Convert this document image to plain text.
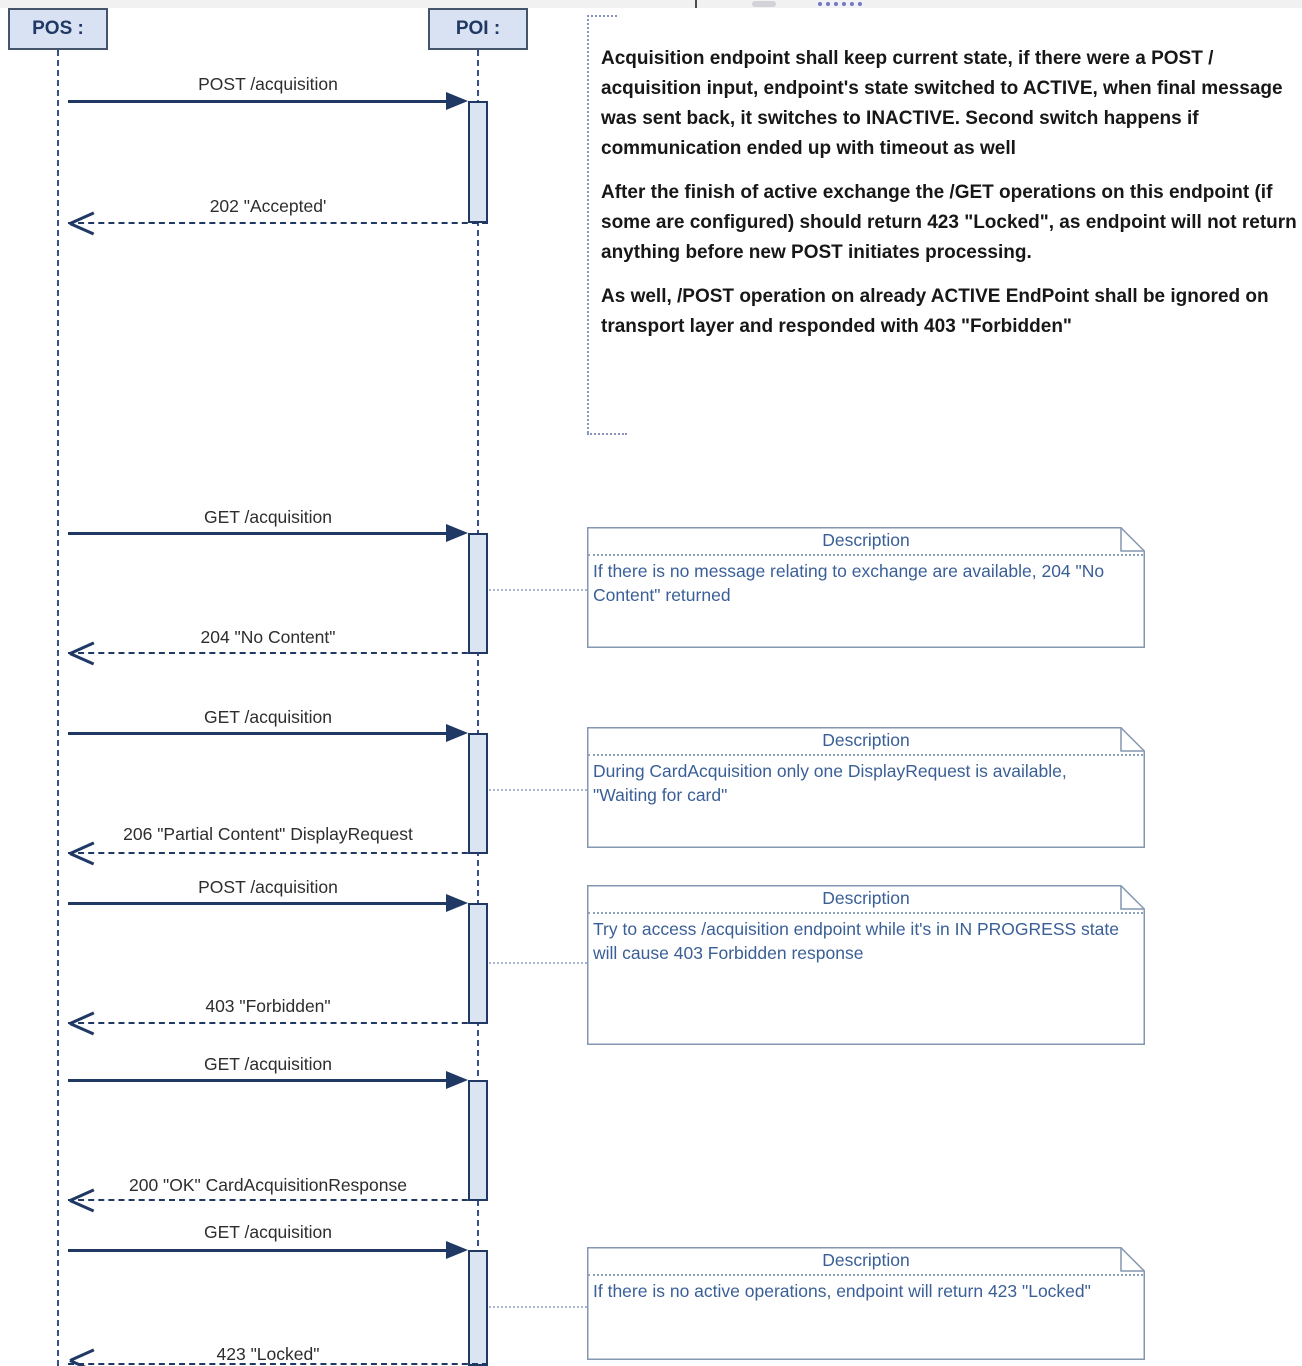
POS :	POI :
POST /acquisition
202 "Accepted'
GET /acquisition
204 "No Content"
GET /acquisition
206 "Partial Content" DisplayRequest
POST /acquisition
403 "Forbidden"
GET /acquisition
200 "OK" CardAcquisitionResponse
GET /acquisition
423 "Locked"

Acquisition endpoint shall keep current state, if there were a POST / acquisition input, endpoint's state switched to ACTIVE, when final message was sent back, it switches to INACTIVE. Second switch happens if communication ended up with timeout as well

After the finish of active exchange the /GET operations on this endpoint (if some are configured) should return 423 "Locked", as endpoint will not return anything before new POST initiates processing.

As well, /POST operation on already ACTIVE EndPoint shall be ignored on transport layer and responded with 403 "Forbidden"

Description
If there is no message relating to exchange are available, 204 "No Content" returned
Description
During CardAcquisition only one DisplayRequest is available, "Waiting for card"
Description
Try to access /acquisition endpoint while it's in IN PROGRESS state will cause 403 Forbidden response
Description
If there is no active operations, endpoint will return 423 "Locked"
